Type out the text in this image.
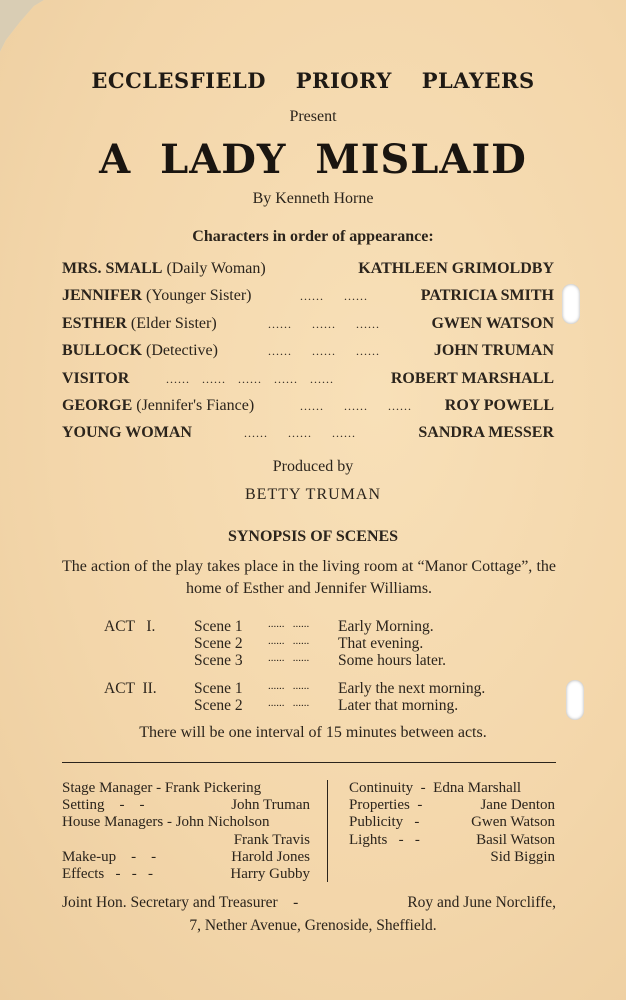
ECCLESFIELD PRIORY PLAYERS
Present
A LADY MISLAID
By Kenneth Horne
Characters in order of appearance:
MRS. SMALL (Daily Woman)	KATHLEEN GRIMOLDBY
JENNIFER (Younger Sister)	......     ......	PATRICIA SMITH
ESTHER (Elder Sister)	......     ......     ......	GWEN WATSON
BULLOCK (Detective)	......     ......     ......	JOHN TRUMAN
VISITOR	......   ......   ......   ......   ......	ROBERT MARSHALL
GEORGE (Jennifer's Fiance)	......     ......     ...... ROY POWELL
YOUNG WOMAN	......     ......     ......	SANDRA MESSER
Produced by
BETTY TRUMAN
SYNOPSIS OF SCENES
The action of the play takes place in the living room at “Manor Cottage”, the home of Esther and Jennifer Williams.
ACT   I. Scene 1 ......   ...... Early Morning.
Scene 2 ......   ...... That evening.
Scene 3 ......   ...... Some hours later.
ACT  II. Scene 1 ......   ...... Early the next morning.
Scene 2 ......   ...... Later that morning.
There will be one interval of 15 minutes between acts.
Stage Manager - Frank Pickering
Setting    -    -	John Truman
House Managers - John Nicholson
Frank Travis
Make-up    -    -	Harold Jones
Effects   -   -   -	Harry Gubby
Continuity  -  Edna Marshall
Properties  -	Jane Denton
Publicity   -	Gwen Watson
Lights   -   -	Basil Watson
Sid Biggin
Joint Hon. Secretary and Treasurer    -	Roy and June Norcliffe,
7, Nether Avenue, Grenoside, Sheffield.
